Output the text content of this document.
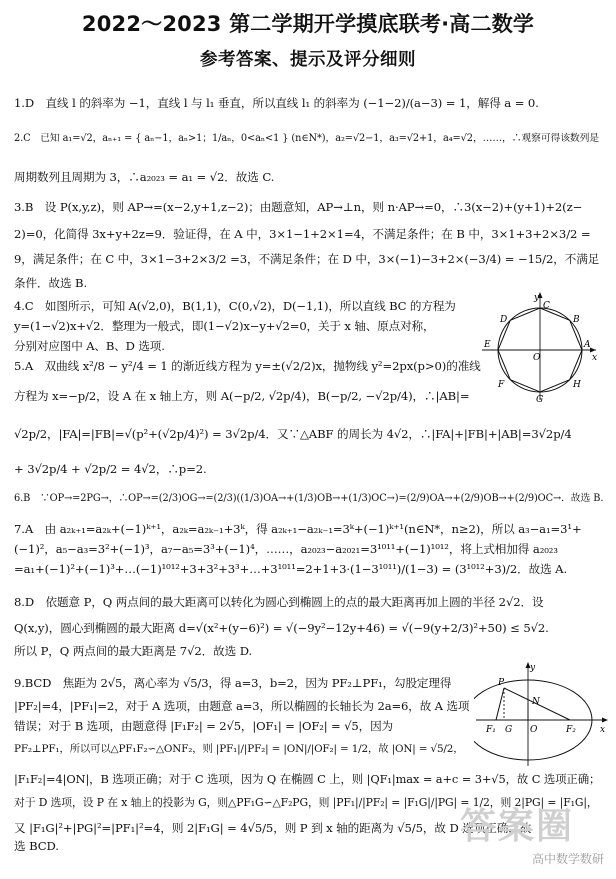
2022～2023 第二学期开学摸底联考·高二数学
参考答案、提示及评分细则
1.D　直线 l 的斜率为 −1，直线 l 与 l₁ 垂直，所以直线 l₁ 的斜率为 (−1−2)/(a−3) = 1，解得 a = 0.
2.C　已知 a₁=√2，aₙ₊₁ = { aₙ−1，aₙ>1；1/aₙ，0<aₙ<1 } (n∈N*)，a₂=√2−1，a₃=√2+1，a₄=√2，……，∴观察可得该数列是
周期数列且周期为 3，∴a₂₀₂₃ = a₁ = √2．故选 C.
3.B　设 P(x,y,z)，则 AP→=(x−2,y+1,z−2)；由题意知，AP→⊥n，则 n·AP→=0，∴3(x−2)+(y+1)+2(z−
2)=0，化简得 3x+y+2z=9．验证得，在 A 中，3×1−1+2×1=4，不满足条件；在 B 中，3×1+3+2×3/2 =
9，满足条件；在 C 中，3×1−3+2×3/2 =3，不满足条件；在 D 中，3×(−1)−3+2×(−3/4) = −15/2，不满足
条件．故选 B.
4.C　如图所示，可知 A(√2,0)，B(1,1)，C(0,√2)，D(−1,1)，所以直线 BC 的方程为
y=(1−√2)x+√2．整理为一般式，即(1−√2)x−y+√2=0，关于 x 轴、原点对称，
分别对应图中 A、B、D 选项.
5.A　双曲线 x²/8 − y²/4 = 1 的渐近线方程为 y=±(√2/2)x，抛物线 y²=2px(p>0)的准线
方程为 x=−p/2，设 A 在 x 轴上方，则 A(−p/2, √2p/4)，B(−p/2, −√2p/4)，∴|AB|=
√2p/2，|FA|=|FB|=√(p²+(√2p/4)²) = 3√2p/4．又∵△ABF 的周长为 4√2，∴|FA|+|FB|+|AB|=3√2p/4
+ 3√2p/4 + √2p/2 = 4√2，∴p=2.
6.B　∵OP→=2PG→，∴OP→=(2/3)OG→=(2/3)((1/3)OA→+(1/3)OB→+(1/3)OC→)=(2/9)OA→+(2/9)OB→+(2/9)OC→．故选 B.
7.A　由 a₂ₖ₊₁=a₂ₖ+(−1)ᵏ⁺¹，a₂ₖ=a₂ₖ₋₁+3ᵏ，得 a₂ₖ₊₁−a₂ₖ₋₁=3ᵏ+(−1)ᵏ⁺¹(n∈N*，n≥2)，所以 a₃−a₁=3¹+
(−1)²，a₅−a₃=3²+(−1)³，a₇−a₅=3³+(−1)⁴，……，a₂₀₂₃−a₂₀₂₁=3¹⁰¹¹+(−1)¹⁰¹²，将上式相加得 a₂₀₂₃
=a₁+(−1)²+(−1)³+…(−1)¹⁰¹²+3+3²+3³+…+3¹⁰¹¹=2+1+3·(1−3¹⁰¹¹)/(1−3) = (3¹⁰¹²+3)/2．故选 A.
8.D　依题意 P，Q 两点间的最大距离可以转化为圆心到椭圆上的点的最大距离再加上圆的半径 2√2．设
Q(x,y)，圆心到椭圆的最大距离 d=√(x²+(y−6)²) = √(−9y²−12y+46) = √(−9(y+2/3)²+50) ≤ 5√2.
所以 P，Q 两点间的最大距离是 7√2．故选 D.
9.BCD　焦距为 2√5，离心率为 √5/3，得 a=3，b=2，因为 PF₂⊥PF₁，勾股定理得
|PF₂|=4，|PF₁|=2，对于 A 选项，由题意 a=3，所以椭圆的长轴长为 2a=6，故 A 选项
错误；对于 B 选项，由题意得 |F₁F₂| = 2√5，|OF₁| = |OF₂| = √5，因为
PF₂⊥PF₁，所以可以△PF₁F₂∽△ONF₂，则 |PF₁|/|PF₂| = |ON|/|OF₂| = 1/2，故 |ON| = √5/2，
|F₁F₂|=4|ON|，B 选项正确；对于 C 选项，因为 Q 在椭圆 C 上，则 |QF₁|max = a+c = 3+√5，故 C 选项正确；
对于 D 选项，设 P 在 x 轴上的投影为 G，则△PF₁G∽△F₂PG，则 |PF₁|/|PF₂| = |F₁G|/|PG| = 1/2，则 2|PG| = |F₁G|，
又 |F₁G|²+|PG|²=|PF₁|²=4，则 2|F₁G| = 4√5/5，则 P 到 x 轴的距离为 √5/5，故 D 选项正确，故
选 BCD.
y
C
B
D
E	A
O	x
F	H
G
y
P
N
F₁ G O	F₂	x
答案圈
高中数学数研
